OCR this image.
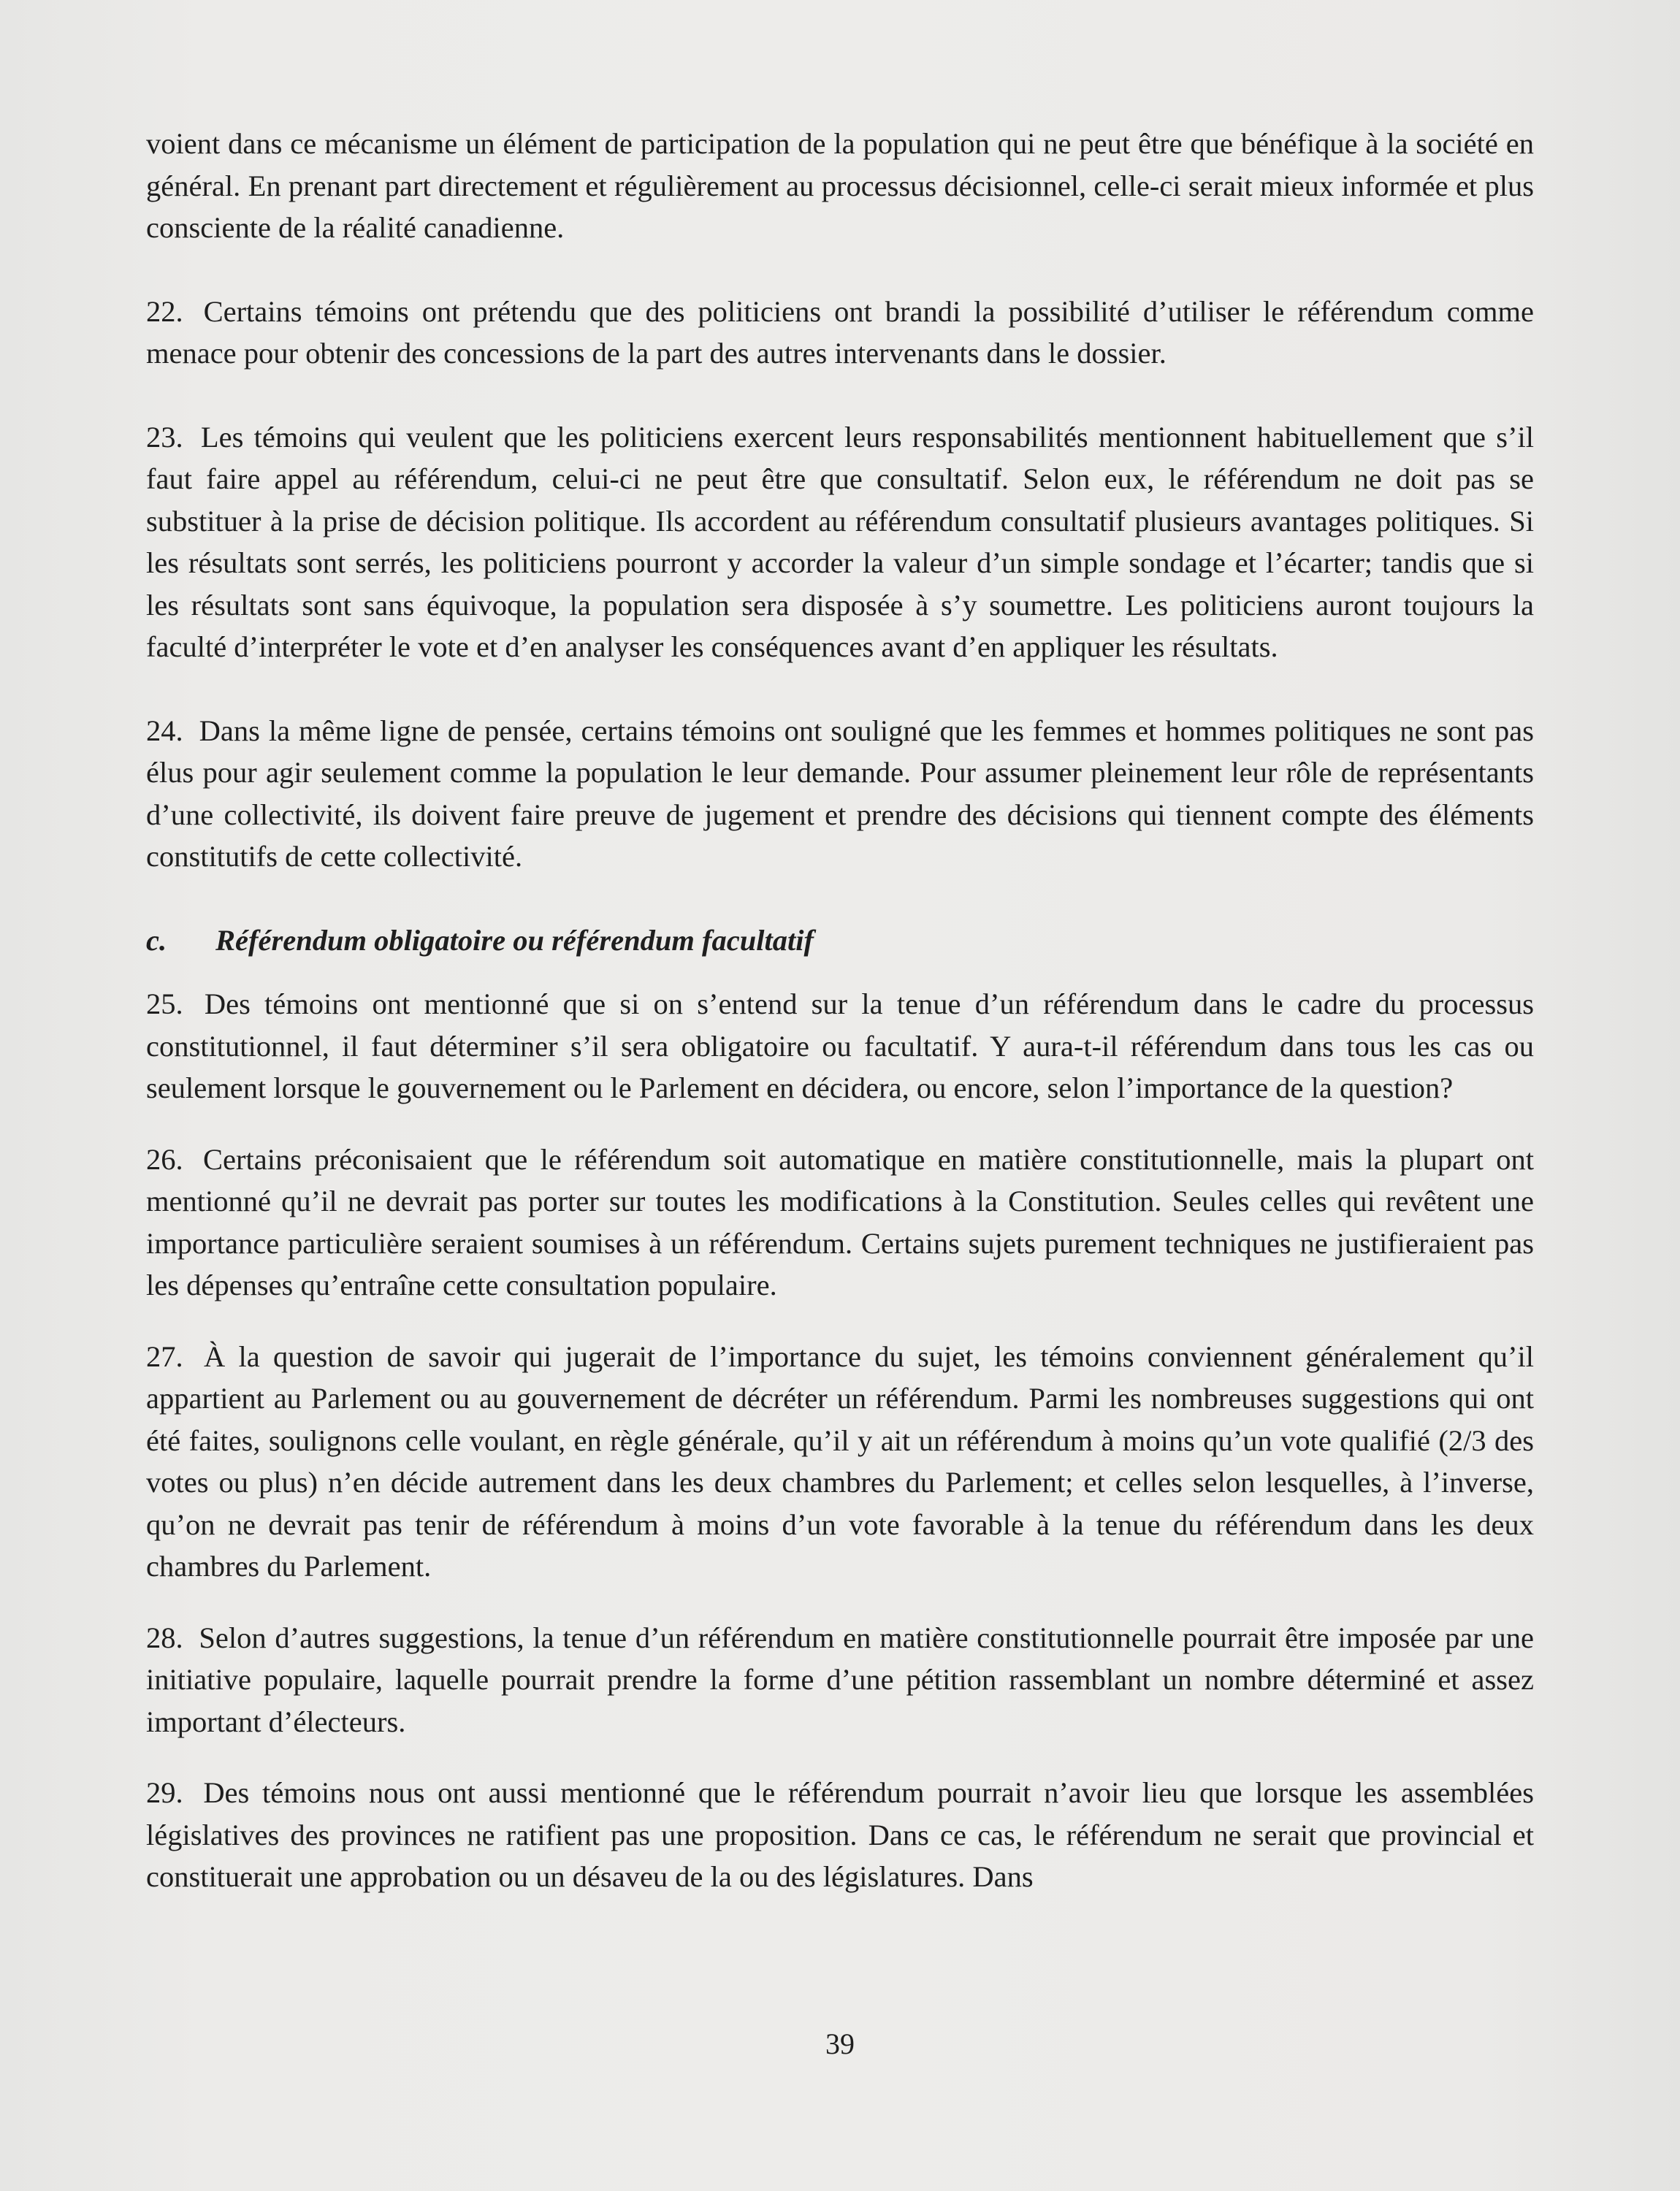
voient dans ce mécanisme un élément de participation de la population qui ne peut être que bénéfique à la société en général. En prenant part directement et régulièrement au processus décisionnel, celle-ci serait mieux informée et plus consciente de la réalité canadienne.

22. Certains témoins ont prétendu que des politiciens ont brandi la possibilité d’utiliser le référendum comme menace pour obtenir des concessions de la part des autres intervenants dans le dossier.

23. Les témoins qui veulent que les politiciens exercent leurs responsabilités mentionnent habituellement que s’il faut faire appel au référendum, celui-ci ne peut être que consultatif. Selon eux, le référendum ne doit pas se substituer à la prise de décision politique. Ils accordent au référendum consultatif plusieurs avantages politiques. Si les résultats sont serrés, les politiciens pourront y accorder la valeur d’un simple sondage et l’écarter; tandis que si les résultats sont sans équivoque, la population sera disposée à s’y soumettre. Les politiciens auront toujours la faculté d’interpréter le vote et d’en analyser les conséquences avant d’en appliquer les résultats.

24. Dans la même ligne de pensée, certains témoins ont souligné que les femmes et hommes politiques ne sont pas élus pour agir seulement comme la population le leur demande. Pour assumer pleinement leur rôle de représentants d’une collectivité, ils doivent faire preuve de jugement et prendre des décisions qui tiennent compte des éléments constitutifs de cette collectivité.

c. Référendum obligatoire ou référendum facultatif

25. Des témoins ont mentionné que si on s’entend sur la tenue d’un référendum dans le cadre du processus constitutionnel, il faut déterminer s’il sera obligatoire ou facultatif. Y aura-t-il référendum dans tous les cas ou seulement lorsque le gouvernement ou le Parlement en décidera, ou encore, selon l’importance de la question?

26. Certains préconisaient que le référendum soit automatique en matière constitutionnelle, mais la plupart ont mentionné qu’il ne devrait pas porter sur toutes les modifications à la Constitution. Seules celles qui revêtent une importance particulière seraient soumises à un référendum. Certains sujets purement techniques ne justifieraient pas les dépenses qu’entraîne cette consultation populaire.

27. À la question de savoir qui jugerait de l’importance du sujet, les témoins conviennent généralement qu’il appartient au Parlement ou au gouvernement de décréter un référendum. Parmi les nombreuses suggestions qui ont été faites, soulignons celle voulant, en règle générale, qu’il y ait un référendum à moins qu’un vote qualifié (2/3 des votes ou plus) n’en décide autrement dans les deux chambres du Parlement; et celles selon lesquelles, à l’inverse, qu’on ne devrait pas tenir de référendum à moins d’un vote favorable à la tenue du référendum dans les deux chambres du Parlement.

28. Selon d’autres suggestions, la tenue d’un référendum en matière constitutionnelle pourrait être imposée par une initiative populaire, laquelle pourrait prendre la forme d’une pétition rassemblant un nombre déterminé et assez important d’électeurs.

29. Des témoins nous ont aussi mentionné que le référendum pourrait n’avoir lieu que lorsque les assemblées législatives des provinces ne ratifient pas une proposition. Dans ce cas, le référendum ne serait que provincial et constituerait une approbation ou un désaveu de la ou des législatures. Dans

39
